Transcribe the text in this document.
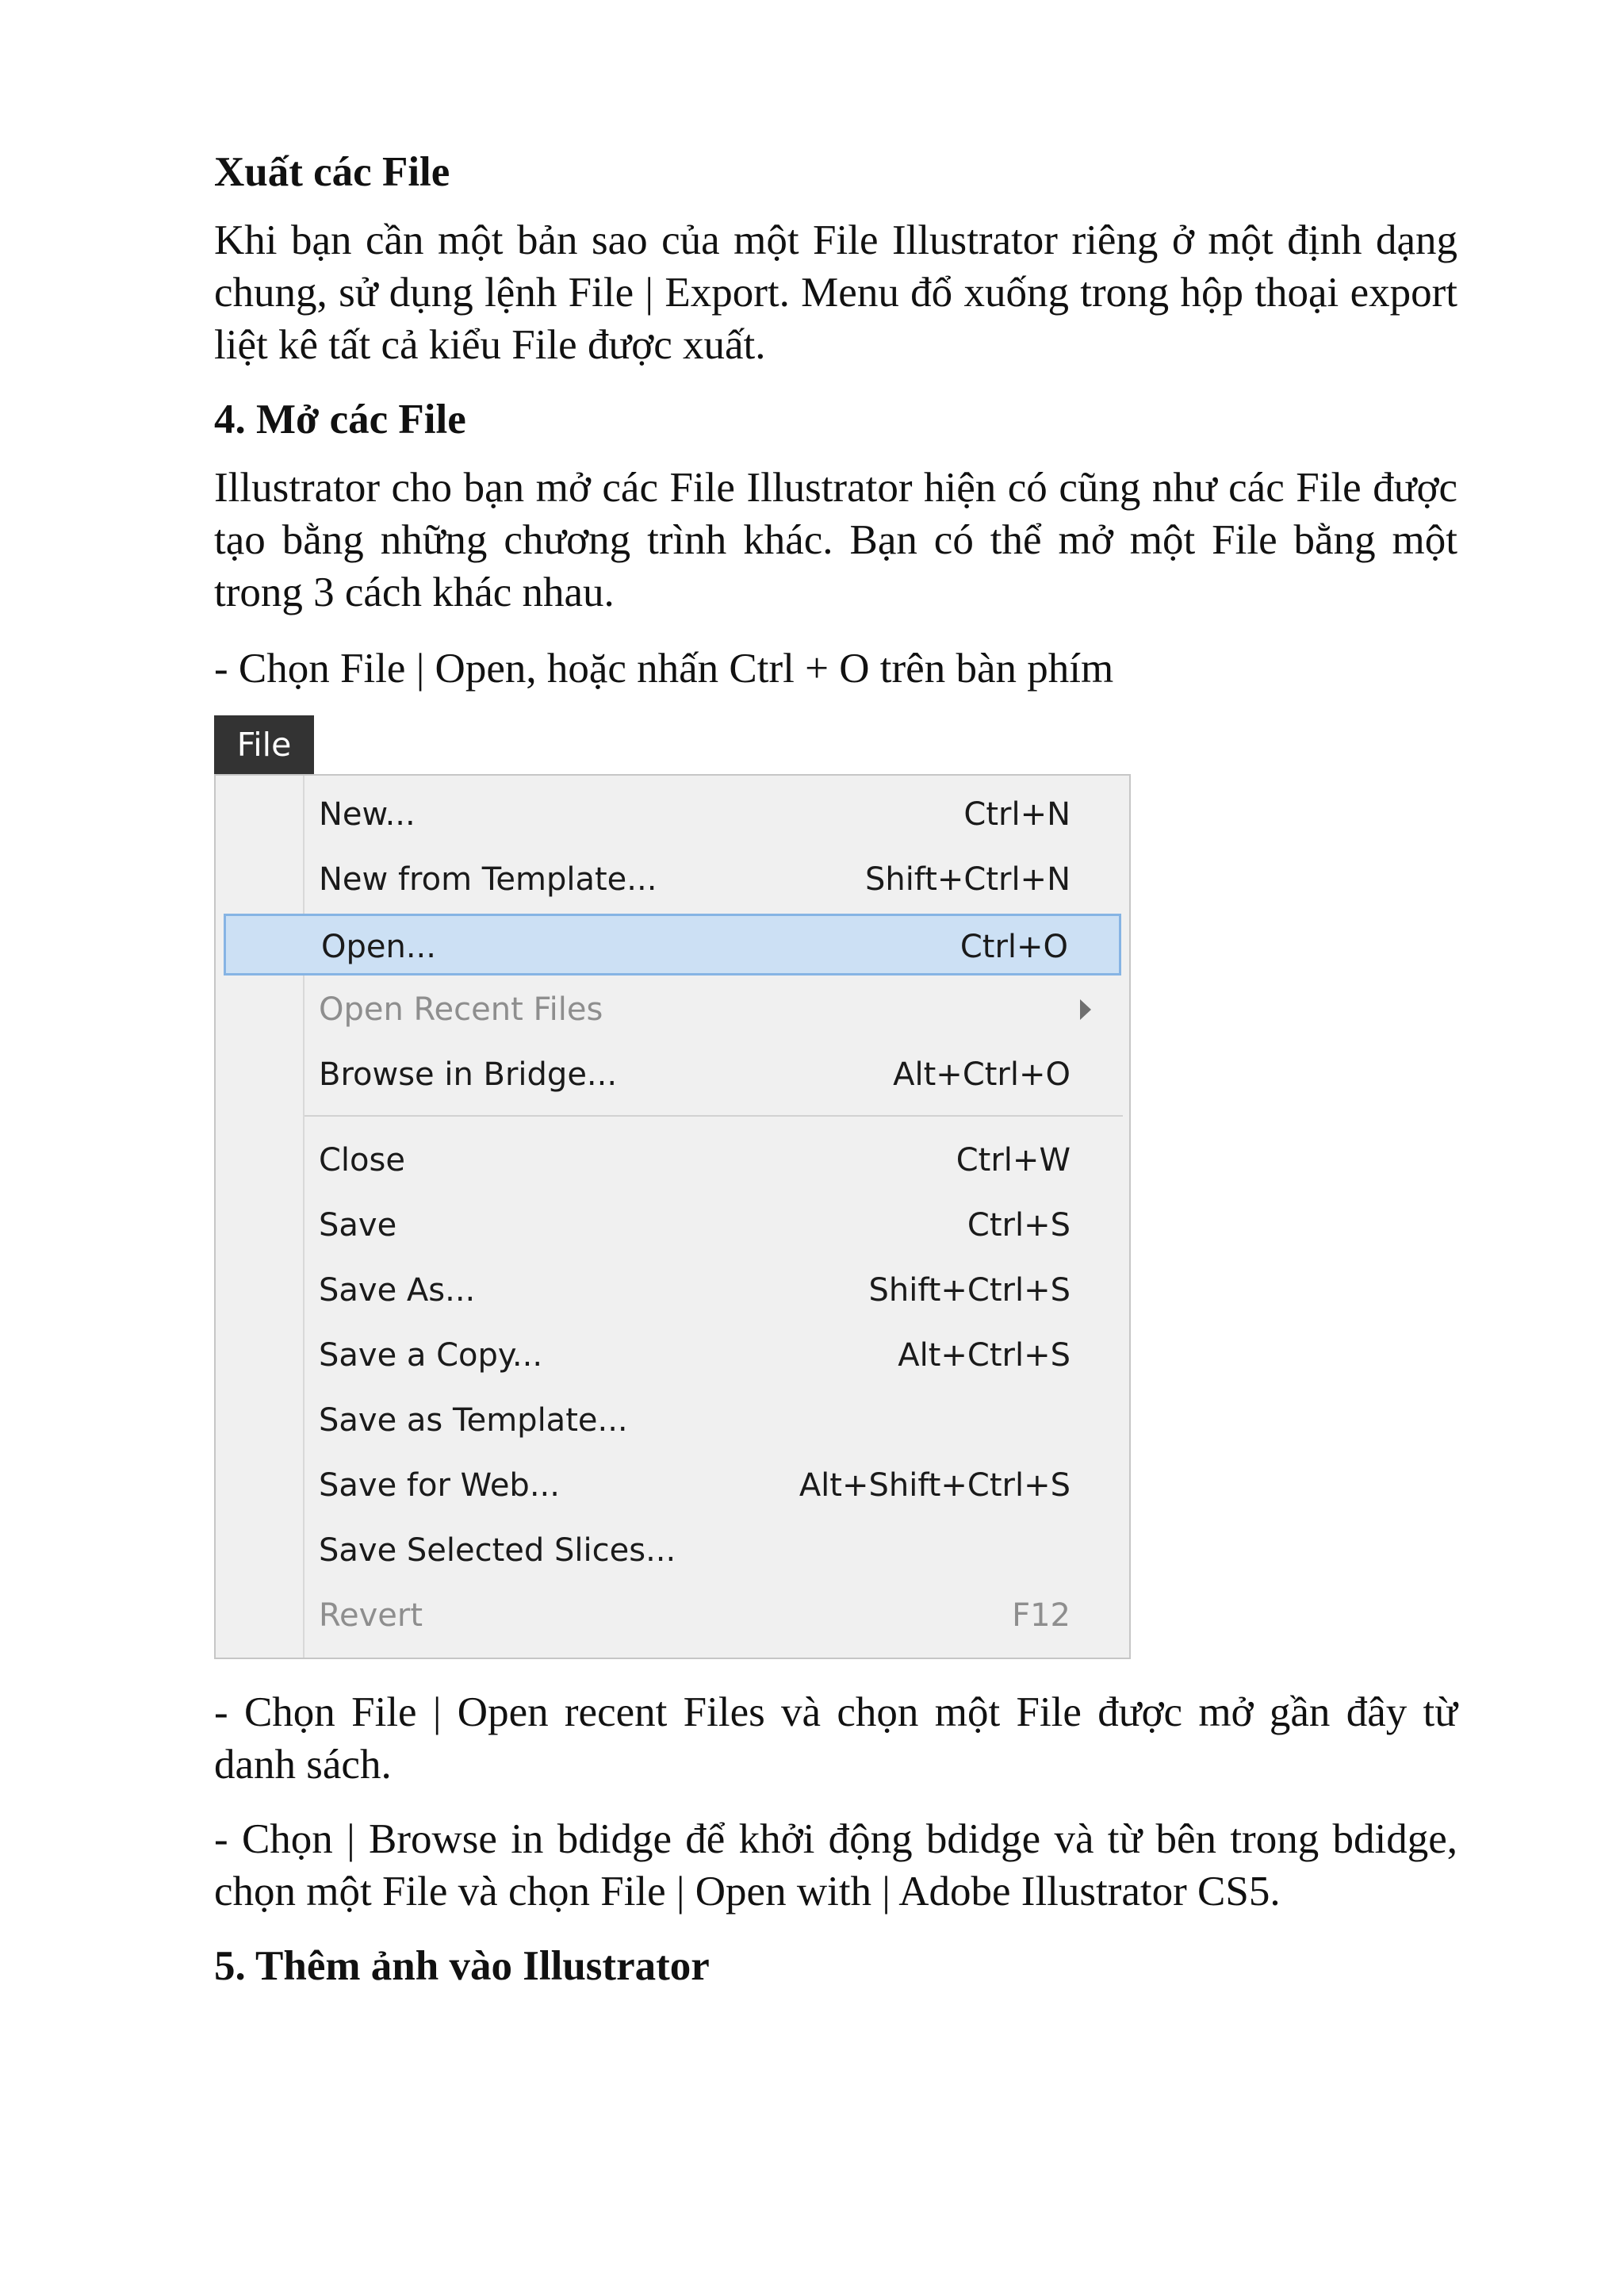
Xuất các File

Khi bạn cần một bản sao của một File Illustrator riêng ở một định dạng chung, sử dụng lệnh File | Export. Menu đổ xuống trong hộp thoại export liệt kê tất cả kiểu File được xuất.

4. Mở các File

Illustrator cho bạn mở các File Illustrator hiện có cũng như các File được tạo bằng những chương trình khác. Bạn có thể mở một File bằng một trong 3 cách khác nhau.

- Chọn File | Open, hoặc nhấn Ctrl + O trên bàn phím

File
New...	Ctrl+N
New from Template...	Shift+Ctrl+N
Open...	Ctrl+O
Open Recent Files
Browse in Bridge...	Alt+Ctrl+O
Close	Ctrl+W
Save	Ctrl+S
Save As...	Shift+Ctrl+S
Save a Copy...	Alt+Ctrl+S
Save as Template...
Save for Web...	Alt+Shift+Ctrl+S
Save Selected Slices...
Revert	F12

- Chọn File | Open recent Files và chọn một File được mở gần đây từ danh sách.

- Chọn | Browse in bdidge để khởi động bdidge và từ bên trong bdidge, chọn một File và chọn File | Open with | Adobe Illustrator CS5.

5. Thêm ảnh vào Illustrator
